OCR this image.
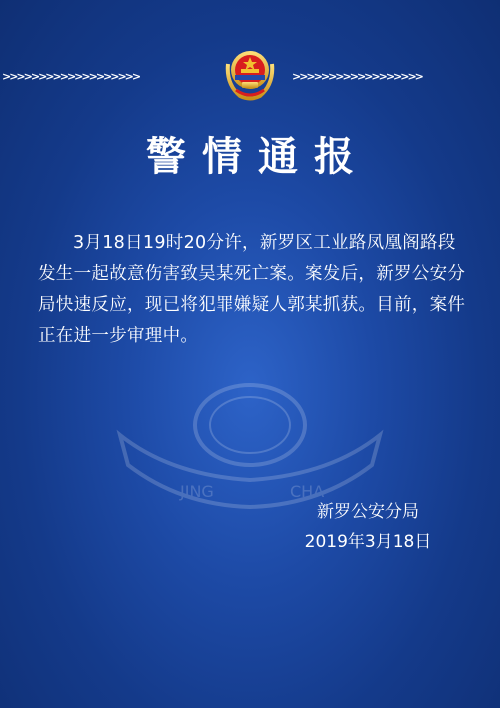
>>>>>>>>>>>>>>>>>>>	>>>>>>>>>>>>>>>>>>
警情通报
JING	CHA
3月18日19时20分许，新罗区工业路凤凰阁路段发生一起故意伤害致吴某死亡案。案发后，新罗公安分局快速反应，现已将犯罪嫌疑人郭某抓获。目前，案件正在进一步审理中。
新罗公安分局
2019年3月18日
